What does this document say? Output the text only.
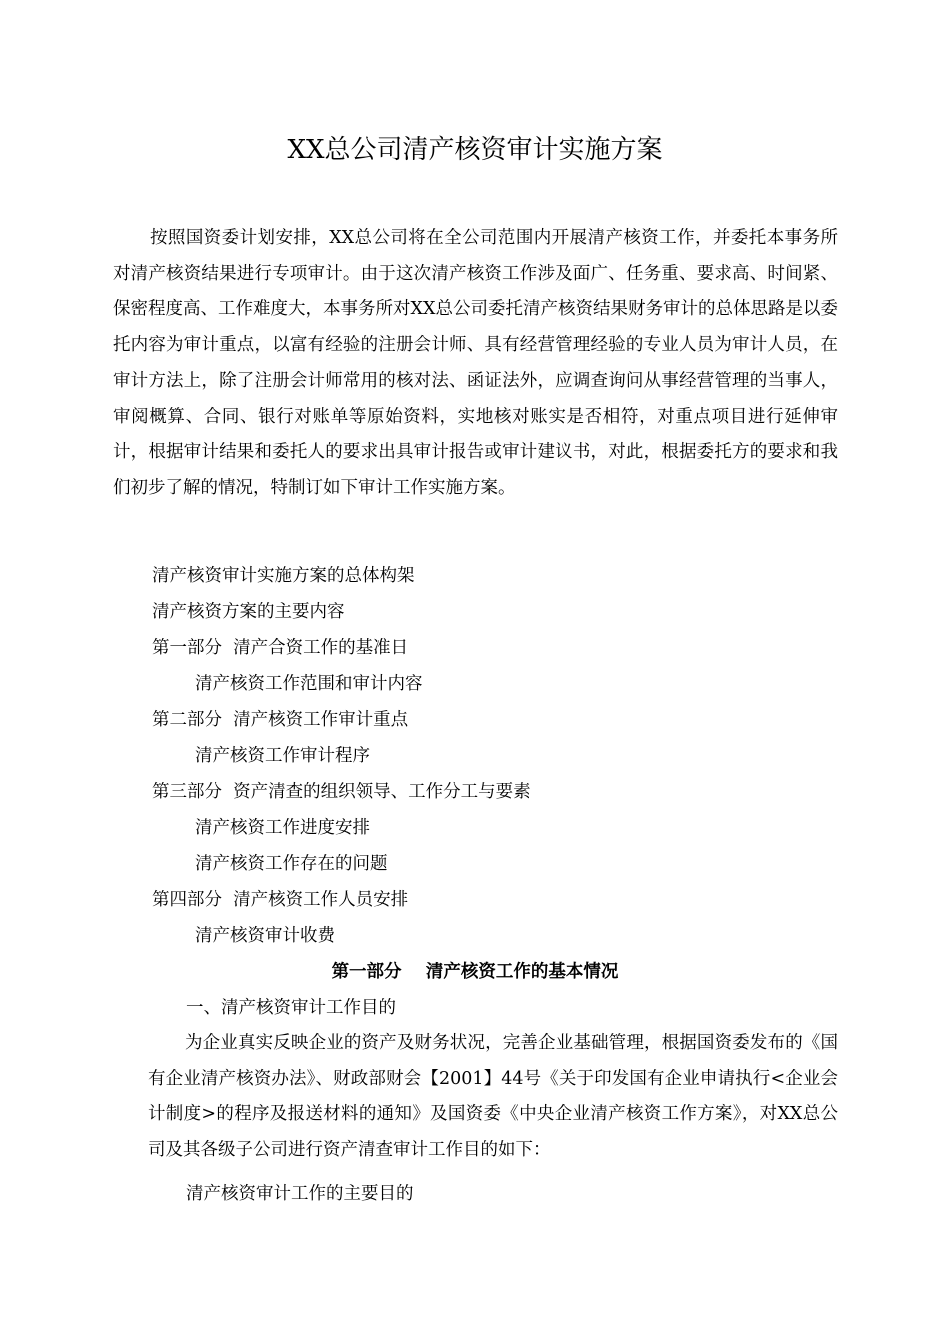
XX总公司清产核资审计实施方案

按照国资委计划安排，XX总公司将在全公司范围内开展清产核资工作，并委托本事务所对清产核资结果进行专项审计。由于这次清产核资工作涉及面广、任务重、要求高、时间紧、保密程度高、工作难度大，本事务所对XX总公司委托清产核资结果财务审计的总体思路是以委托内容为审计重点，以富有经验的注册会计师、具有经营管理经验的专业人员为审计人员，在审计方法上，除了注册会计师常用的核对法、函证法外，应调查询问从事经营管理的当事人，审阅概算、合同、银行对账单等原始资料，实地核对账实是否相符，对重点项目进行延伸审计，根据审计结果和委托人的要求出具审计报告或审计建议书，对此，根据委托方的要求和我们初步了解的情况，特制订如下审计工作实施方案。

清产核资审计实施方案的总体构架
清产核资方案的主要内容
第一部分  清产合资工作的基准日
清产核资工作范围和审计内容
第二部分  清产核资工作审计重点
清产核资工作审计程序
第三部分  资产清查的组织领导、工作分工与要素
清产核资工作进度安排
清产核资工作存在的问题
第四部分  清产核资工作人员安排
清产核资审计收费
第一部分    清产核资工作的基本情况
一、清产核资审计工作目的

为企业真实反映企业的资产及财务状况，完善企业基础管理，根据国资委发布的《国有企业清产核资办法》、财政部财会【2001】44号《关于印发国有企业申请执行<企业会计制度>的程序及报送材料的通知》及国资委《中央企业清产核资工作方案》，对XX总公司及其各级子公司进行资产清查审计工作目的如下：

清产核资审计工作的主要目的
